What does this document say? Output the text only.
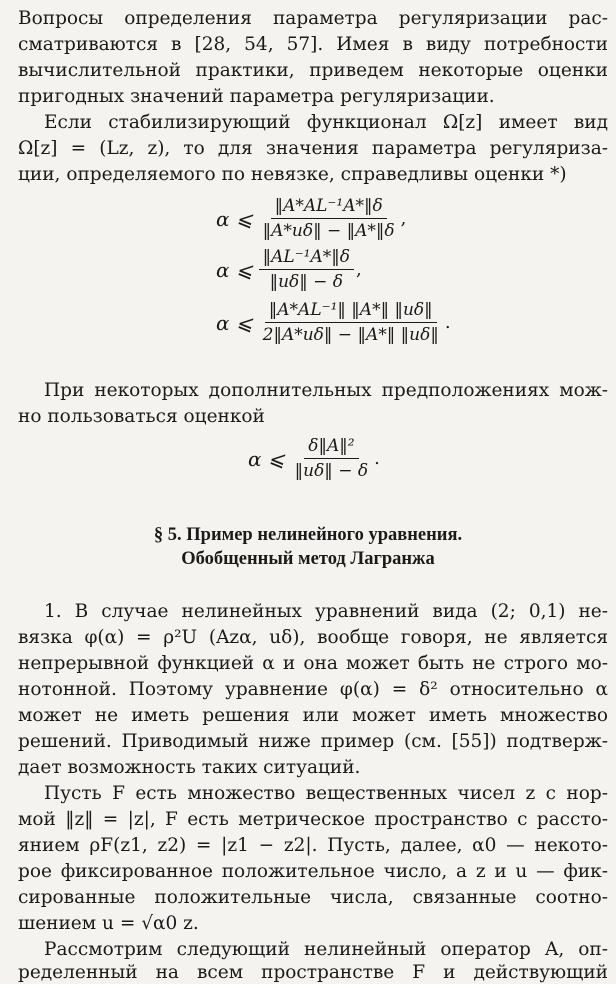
Вопросы определения параметра регуляризации рас-
сматриваются в [28, 54, 57]. Имея в виду потребности
вычислительной практики, приведем некоторые оценки
пригодных значений параметра регуляризации.
Если стабилизирующий функционал Ω[z] имеет вид
Ω[z] = (Lz, z), то для значения параметра регуляриза-
ции, определяемого по невязке, справедливы оценки *)
α ⩽ $\frac{\text{‖A*AL⁻¹A*‖δ}}{‖A*u\delta‖ - ‖A*‖\delta}$ ,
α ⩽ $\frac{\text{‖AL⁻¹A*‖δ}}{‖u\delta‖ - \delta}$ ,
α ⩽ $\frac{\text{‖A*AL⁻¹‖ ‖A*‖ ‖uδ‖}}{2‖A*u\delta‖ - ‖A*‖ ‖u\delta‖}$ .
При некоторых дополнительных предположениях мож-
но пользоваться оценкой
α ⩽ $\frac{\text{δ‖A‖²}}{‖u\delta‖ - \delta}$ .
§ 5. Пример нелинейного уравнения.
Обобщенный метод Лагранжа
1. В случае нелинейных уравнений вида (2; 0,1) не-
вязка φ(α) = ρ²U (Azα, uδ), вообще говоря, не является
непрерывной функцией α и она может быть не строго мо-
нотонной. Поэтому уравнение φ(α) = δ² относительно α
может не иметь решения или может иметь множество
решений. Приводимый ниже пример (см. [55]) подтверж-
дает возможность таких ситуаций.
Пусть F есть множество вещественных чисел z с нор-
мой ‖z‖ = |z|, F есть метрическое пространство с рассто-
янием ρF(z1, z2) = |z1 − z2|. Пусть, далее, α0 — некото-
рое фиксированное положительное число, а z и u — фик-
сированные положительные числа, связанные соотно-
шением u = √α0 z.
Рассмотрим следующий нелинейный оператор A, оп-
ределенный на всем пространстве F и действующий
